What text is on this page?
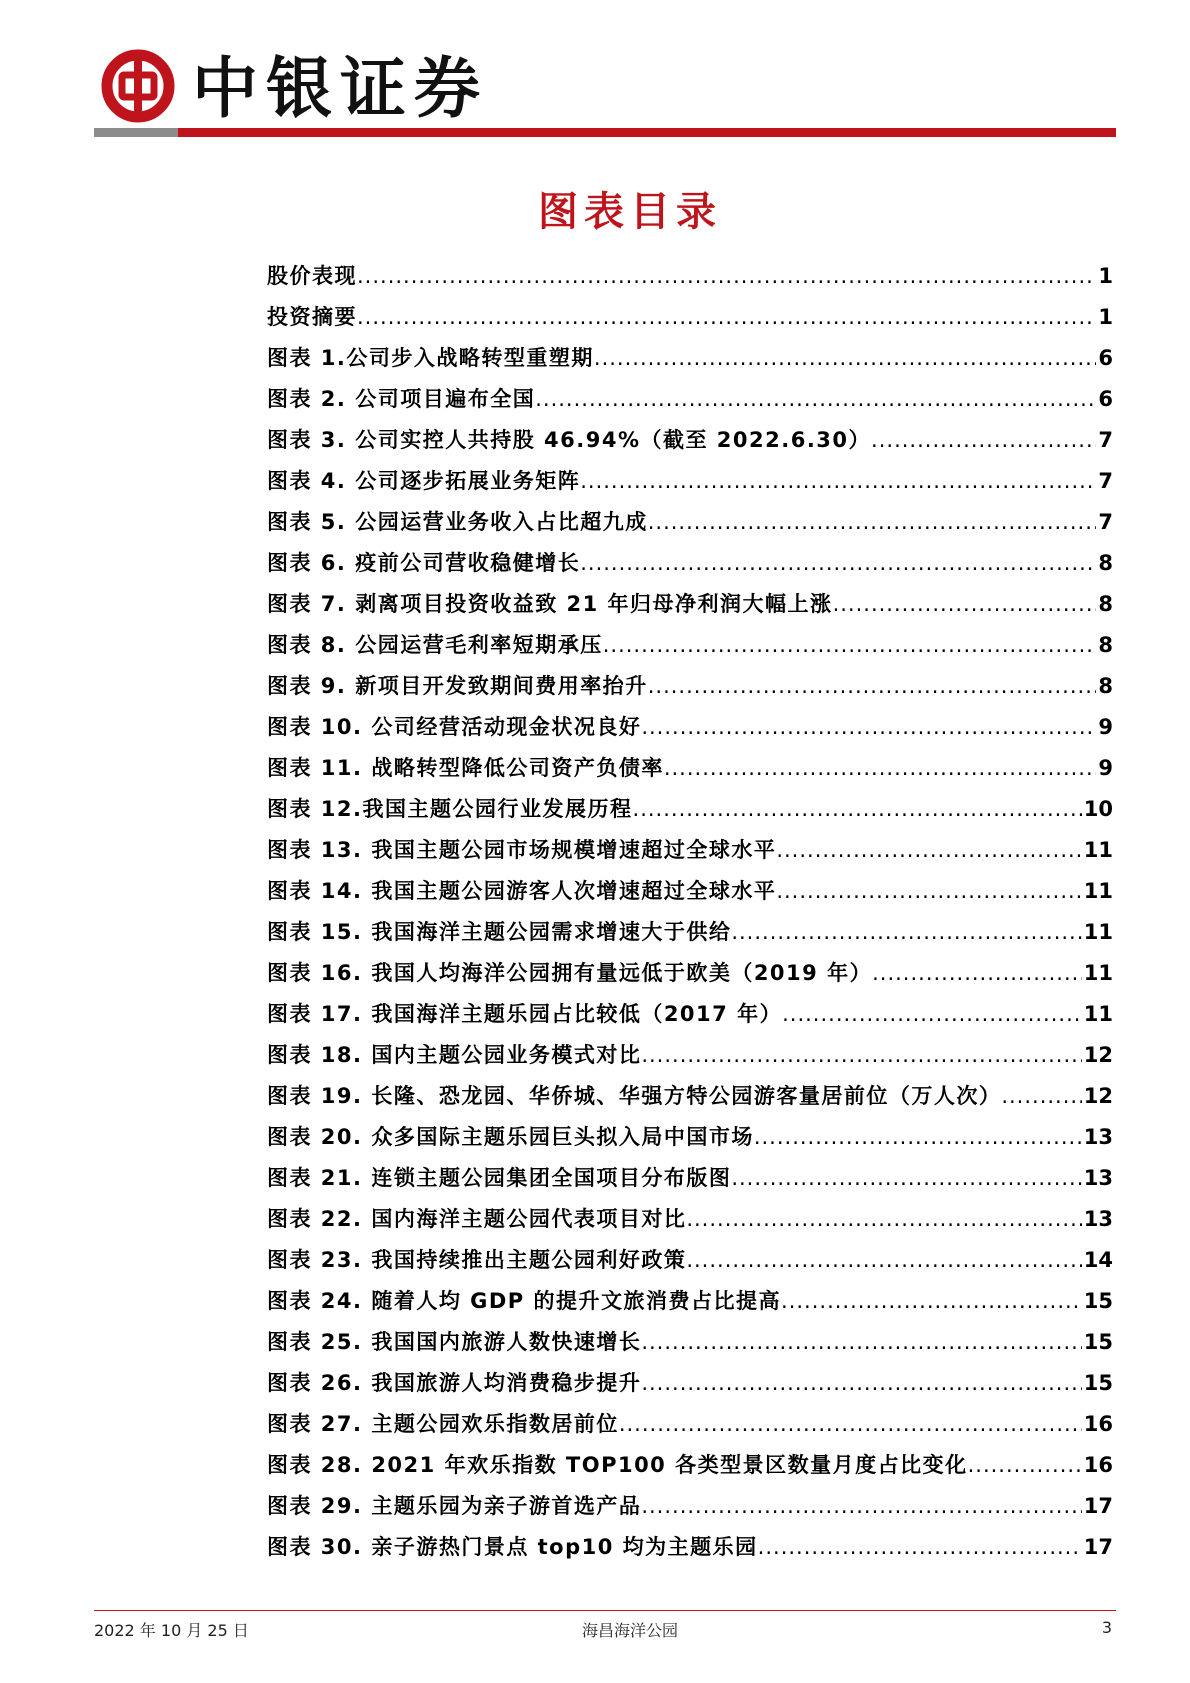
中银证券
图表目录
股价表现 .....	1
投资摘要 .....	1
图表 1.公司步入战略转型重塑期 .....	6
图表 2. 公司项目遍布全国 .....	6
图表 3. 公司实控人共持股 46.94%（截至 2022.6.30） .....	7
图表 4. 公司逐步拓展业务矩阵 .....	7
图表 5. 公园运营业务收入占比超九成 .....	7
图表 6. 疫前公司营收稳健增长 .....	8
图表 7. 剥离项目投资收益致 21 年归母净利润大幅上涨 .....	8
图表 8. 公园运营毛利率短期承压 .....	8
图表 9. 新项目开发致期间费用率抬升 .....	8
图表 10. 公司经营活动现金状况良好 .....	9
图表 11. 战略转型降低公司资产负债率 .....	9
图表 12.我国主题公园行业发展历程 .....	10
图表 13. 我国主题公园市场规模增速超过全球水平 .....	11
图表 14. 我国主题公园游客人次增速超过全球水平 .....	11
图表 15. 我国海洋主题公园需求增速大于供给 .....	11
图表 16. 我国人均海洋公园拥有量远低于欧美（2019 年） .....	11
图表 17. 我国海洋主题乐园占比较低（2017 年） .....	11
图表 18. 国内主题公园业务模式对比 .....	12
图表 19. 长隆、恐龙园、华侨城、华强方特公园游客量居前位（万人次） .....	12
图表 20. 众多国际主题乐园巨头拟入局中国市场 .....	13
图表 21. 连锁主题公园集团全国项目分布版图 .....	13
图表 22. 国内海洋主题公园代表项目对比 .....	13
图表 23. 我国持续推出主题公园利好政策 .....	14
图表 24. 随着人均 GDP 的提升文旅消费占比提高 .....	15
图表 25. 我国国内旅游人数快速增长 .....	15
图表 26. 我国旅游人均消费稳步提升 .....	15
图表 27. 主题公园欢乐指数居前位 .....	16
图表 28. 2021 年欢乐指数 TOP100 各类型景区数量月度占比变化 .....	16
图表 29. 主题乐园为亲子游首选产品 .....	17
图表 30. 亲子游热门景点 top10 均为主题乐园 .....	17
2022 年 10 月 25 日	海昌海洋公园	3
